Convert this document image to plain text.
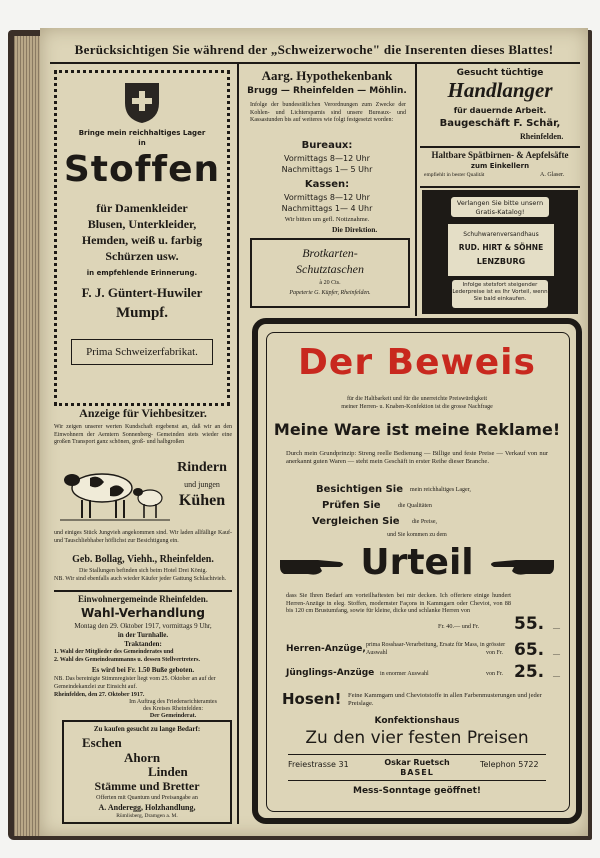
Berücksichtigen Sie während der „Schweizerwoche" die Inserenten dieses Blattes!
Bringe mein reichhaltiges Lager
in
Stoffen
für Damenkleider
Blusen, Unterkleider,
Hemden, weiß u. farbig
Schürzen usw.
in empfehlende Erinnerung.
F. J. Güntert-Huwiler
Mumpf.
Prima Schweizerfabrikat.
Anzeige für Viehbesitzer.
Wir zeigen unserer werten Kundschaft ergebenst an, daß wir an den Einwohnern der Aemtern Sonnenberg- Gemeinden stets wieder eine großen Transport ganz schönen, groß- und halbgroßen
Rindern
und jungen
Kühen
und einiges Stück Jungvieh angekommen sind. Wir laden allfällige Kauf- und Tauschliebhaber höflichst zur Besichtigung ein.
Geb. Bollag, Viehh., Rheinfelden.
Die Stallungen befinden sich beim Hotel Drei König.
NB. Wir sind ebenfalls auch wieder Käufer jeder Gattung Schlachtvieh.
Einwohnergemeinde Rheinfelden.
Wahl-Verhandlung
Montag den 29. Oktober 1917, vormittags 9 Uhr,
in der Turnhalle.
Traktanden:
1. Wahl der Mitglieder des Gemeinderates und
2. Wahl des Gemeindeammanns u. dessen Stellvertreters.
Es wird bei Fr. 1.50 Buße geboten.
NB. Das bereinigte Stimmregister liegt vom 25. Oktober an auf der Gemeindekanzlei zur Einsicht auf.
Rheinfelden, den 27. Oktober 1917.
Im Auftrag des Friedensrichteramtes
des Kreises Rheinfelden:
Der Gemeinderat.
Zu kaufen gesucht zu lange Bedarf:
Eschen
Ahorn
Linden
Stämme und Bretter
Offerten mit Quantum und Preisangabe an
A. Anderegg, Holzhandlung,
Rümlisberg, Dramgen a. M.
Aarg. Hypothekenbank
Brugg — Rheinfelden — Möhlin.
Infolge der bundesrätlichen Verordnungen zum Zwecke der Kohlen- und Lichtersparnis sind unsere Bureaux- und Kassastunden bis auf weiteres wie folgt festgesetzt worden:
Bureaux:
Vormittags 8—12 Uhr
Nachmittags 1— 5 Uhr
Kassen:
Vormittags 8—12 Uhr
Nachmittags 1— 4 Uhr
Wir bitten um gefl. Notiznahme.
Die Direktion.
Brotkarten-
Schutztaschen
à 20 Cts.
Papeterie G. Küpfer, Rheinfelden.
Gesucht tüchtige
Handlanger
für dauernde Arbeit.
Baugeschäft F. Schär,
Rheinfelden.
Haltbare Spätbirnen- & Aepfelsäfte
zum Einkellern
empfiehlt in bester Qualität	A. Glaser.
Verlangen Sie bitte unsern Gratis-Katalog!
Schuhwarenversandhaus
RUD. HIRT & SÖHNE
LENZBURG
Infolge stetsfort steigender Lederpreise ist es Ihr Vorteil, wenn Sie bald einkaufen.
Der Beweis
für die Haltbarkeit und für die unerreichte Preiswürdigkeit
meiner Herren- u. Knaben-Konfektion ist die grosse Nachfrage
Meine Ware ist meine Reklame!
Durch mein Grundprinzip: Streng reelle Bedienung — Billige und feste Preise — Verkauf von nur anerkannt guten Waren — steht mein Geschäft in erster Reihe dieser Branche.
Besichtigen Sie mein reichhaltiges Lager,
Prüfen Sie	die Qualitäten
Vergleichen Sie die Preise,
und Sie kommen zu dem
Urteil
dass Sie Ihren Bedarf am vorteilhaftesten bei mir decken. Ich offeriere einige hundert Herren-Anzüge in eleg. Stoffen, modernster Façons in Kammgarn oder Cheviot, von 88 bis 120 cm Brustumfang, sowie für kleine, dicke und schlanke Herren von
Fr. 40.— und Fr. 55. —
Herren-Anzüge, prima Rosshaar-Verarbeitung, Ersatz für Mass, in grösster Auswahl	von Fr. 65. —
Jünglings-Anzüge in enormer Auswahl	von Fr. 25. —
Hosen! Feine Kammgarn und Cheviotstoffe in allen Farbenmusterungen und jeder Preislage.
Konfektionshaus
Zu den vier festen Preisen
Freiestrasse 31	Oskar Ruetsch
BASEL
Telephon 5722
Mess-Sonntage geöffnet!
